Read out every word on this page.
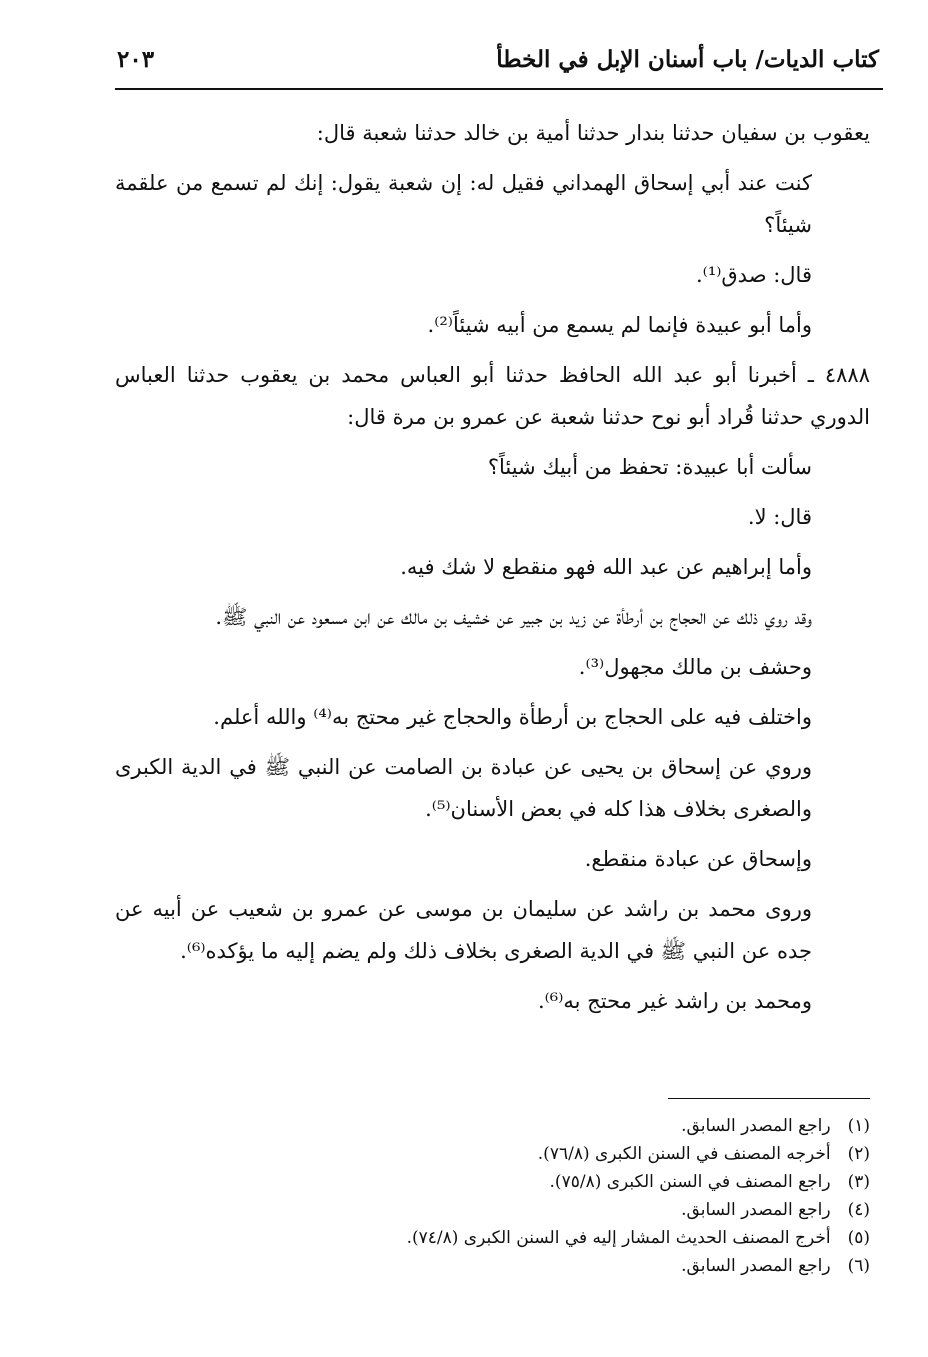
كتاب الديات/ باب أسنان الإبل في الخطأ
٢٠٣

يعقوب بن سفيان حدثنا بندار حدثنا أمية بن خالد حدثنا شعبة قال:

كنت عند أبي إسحاق الهمداني فقيل له: إن شعبة يقول: إنك لم تسمع من علقمة شيئاً؟

قال: صدق⁽¹⁾.

وأما أبو عبيدة فإنما لم يسمع من أبيه شيئاً⁽²⁾.

٤٨٨٨ ـ أخبرنا أبو عبد الله الحافظ حدثنا أبو العباس محمد بن يعقوب حدثنا العباس الدوري حدثنا قُراد أبو نوح حدثنا شعبة عن عمرو بن مرة قال:

سألت أبا عبيدة: تحفظ من أبيك شيئاً؟

قال: لا.

وأما إبراهيم عن عبد الله فهو منقطع لا شك فيه.

وقد روي ذلك عن الحجاج بن أرطأة عن زيد بن جبير عن خشيف بن مالك عن ابن مسعود عن النبي ﷺ.

وحشف بن مالك مجهول⁽³⁾.

واختلف فيه على الحجاج بن أرطأة والحجاج غير محتج به⁽⁴⁾ والله أعلم.

وروي عن إسحاق بن يحيى عن عبادة بن الصامت عن النبي ﷺ في الدية الكبرى والصغرى بخلاف هذا كله في بعض الأسنان⁽⁵⁾.

وإسحاق عن عبادة منقطع.

وروى محمد بن راشد عن سليمان بن موسى عن عمرو بن شعيب عن أبيه عن جده عن النبي ﷺ في الدية الصغرى بخلاف ذلك ولم يضم إليه ما يؤكده⁽⁶⁾.

ومحمد بن راشد غير محتج به⁽⁶⁾.

(١) راجع المصدر السابق.
(٢) أخرجه المصنف في السنن الكبرى (٧٦/٨).
(٣) راجع المصنف في السنن الكبرى (٧٥/٨).
(٤) راجع المصدر السابق.
(٥) أخرج المصنف الحديث المشار إليه في السنن الكبرى (٧٤/٨).
(٦) راجع المصدر السابق.
